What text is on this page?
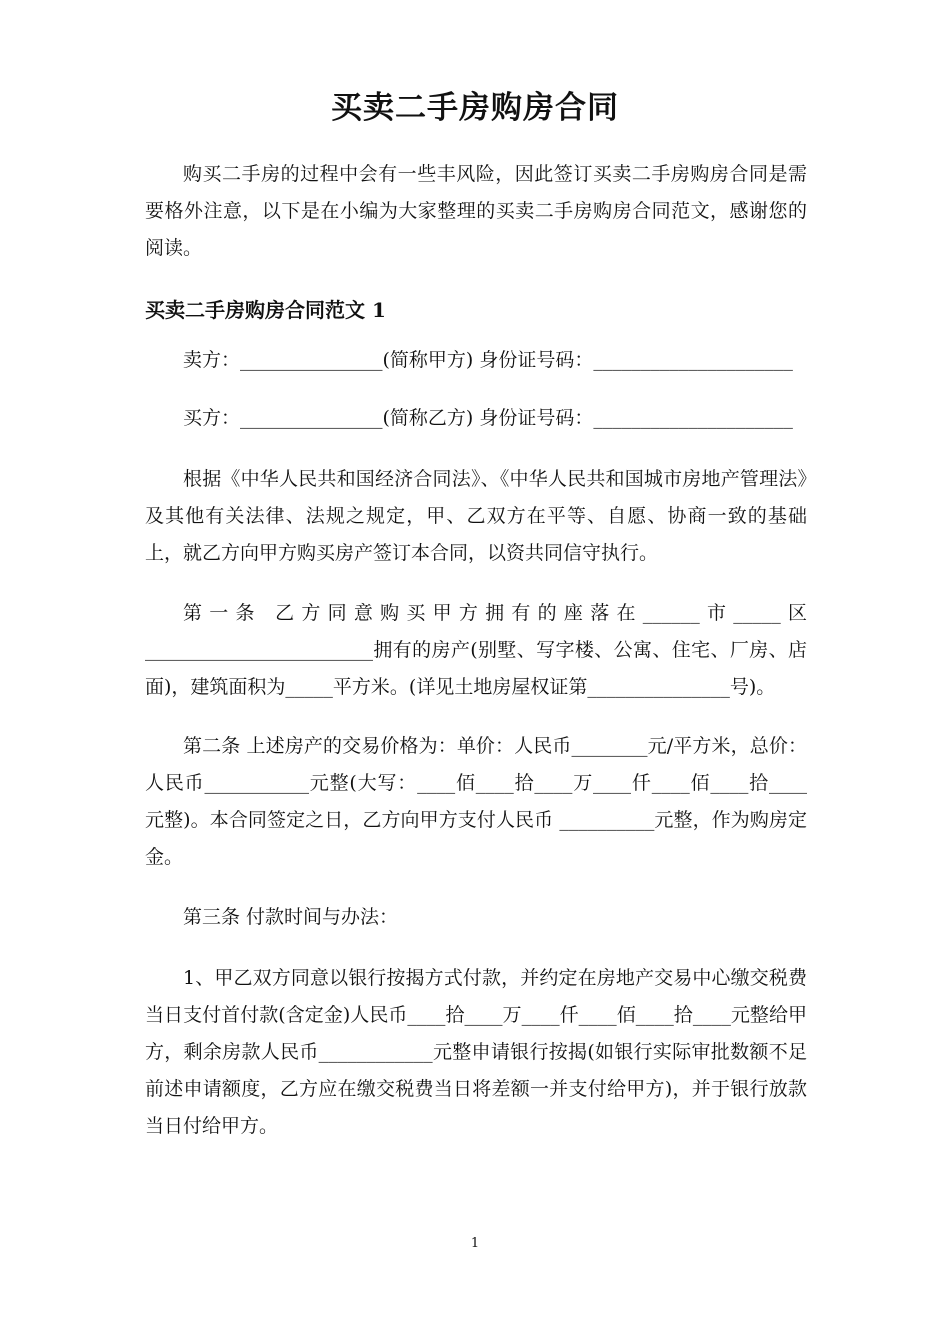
买卖二手房购房合同
购买二手房的过程中会有一些丰风险，因此签订买卖二手房购房合同是需要格外注意，以下是在小编为大家整理的买卖二手房购房合同范文，感谢您的阅读。
买卖二手房购房合同范文 1
卖方：_______________(简称甲方) 身份证号码：_____________________
买方：_______________(简称乙方) 身份证号码：_____________________
根据《中华人民共和国经济合同法》、《中华人民共和国城市房地产管理法》及其他有关法律、法规之规定，甲、乙双方在平等、自愿、协商一致的基础上，就乙方向甲方购买房产签订本合同，以资共同信守执行。
第一条 乙方同意购买甲方拥有的座落在______市_____区________________________拥有的房产(别墅、写字楼、公寓、住宅、厂房、店面)，建筑面积为_____平方米。(详见土地房屋权证第_______________号)。
第二条 上述房产的交易价格为：单价：人民币________元/平方米，总价：人民币___________元整(大写：____佰____拾____万____仟____佰____拾____元整)。本合同签定之日，乙方向甲方支付人民币 __________元整，作为购房定金。
第三条 付款时间与办法：
1、甲乙双方同意以银行按揭方式付款，并约定在房地产交易中心缴交税费当日支付首付款(含定金)人民币____拾____万____仟____佰____拾____元整给甲方，剩余房款人民币____________元整申请银行按揭(如银行实际审批数额不足前述申请额度，乙方应在缴交税费当日将差额一并支付给甲方)，并于银行放款当日付给甲方。
1
